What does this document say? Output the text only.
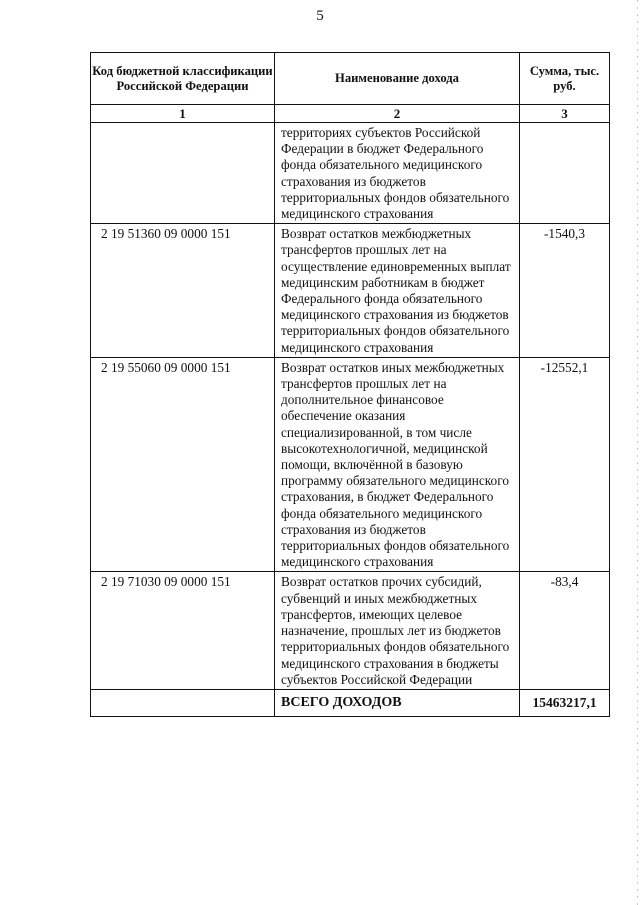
5
Код бюджетной классификации Российской Федерации	Наименование дохода	Сумма, тыс. руб.
1	2	3
	территориях субъектов Российской Федерации в бюджет Федерального фонда обязательного медицинского страхования из бюджетов территориальных фондов обязательного медицинского страхования	
2 19 51360 09 0000 151	Возврат остатков межбюджетных трансфертов прошлых лет на осуществление единовременных выплат медицинским работникам в бюджет Федерального фонда обязательного медицинского страхования из бюджетов территориальных фондов обязательного медицинского страхования	-1540,3
2 19 55060 09 0000 151	Возврат остатков иных межбюджетных трансфертов прошлых лет на дополнительное финансовое обеспечение оказания специализированной, в том числе высокотехнологичной, медицинской помощи, включённой в базовую программу обязательного медицинского страхования, в бюджет Федерального фонда обязательного медицинского страхования из бюджетов территориальных фондов обязательного медицинского страхования	-12552,1
2 19 71030 09 0000 151	Возврат остатков прочих субсидий, субвенций и иных межбюджетных трансфертов, имеющих целевое назначение, прошлых лет из бюджетов территориальных фондов обязательного медицинского страхования в бюджеты субъектов Российской Федерации	-83,4
	ВСЕГО ДОХОДОВ	15463217,1
